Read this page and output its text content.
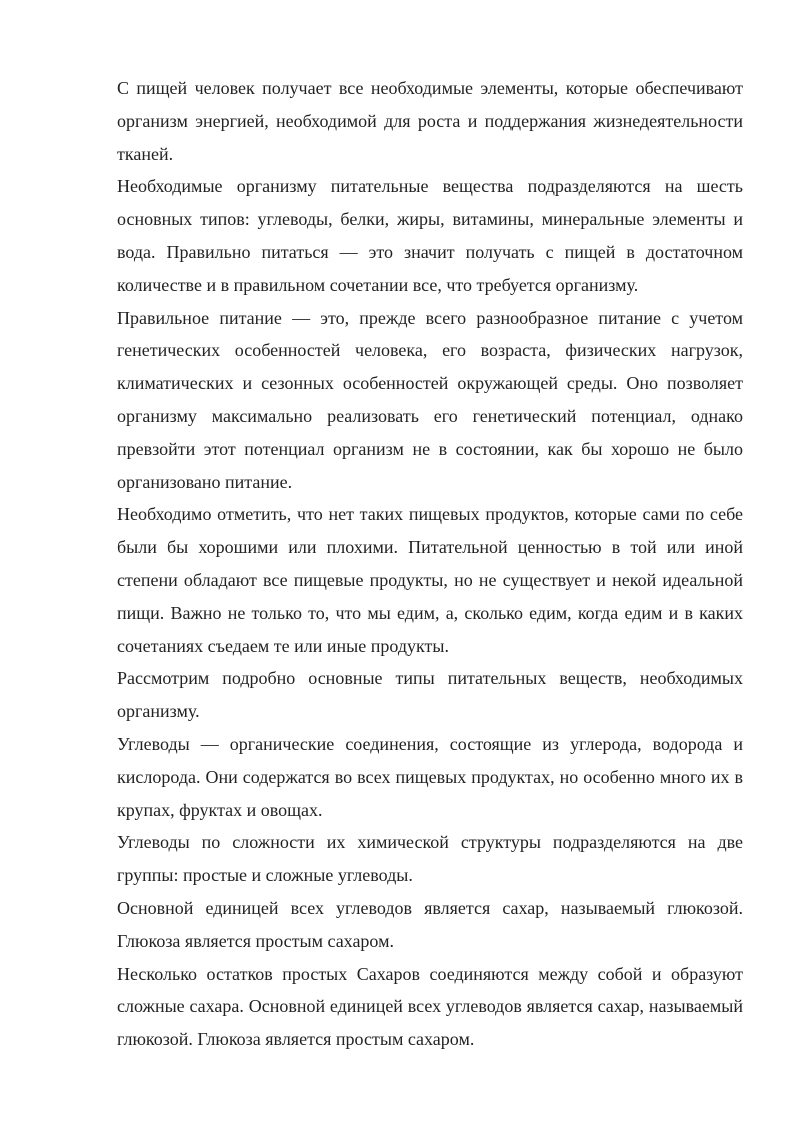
С пищей человек получает все необходимые элементы, которые обеспечивают организм энергией, необходимой для роста и поддержания жизнедеятельности тканей.

Необходимые организму питательные вещества подразделяются на шесть основных типов: углеводы, белки, жиры, витамины, минеральные элементы и вода. Правильно питаться — это значит получать с пищей в достаточном количестве и в правильном сочетании все, что требуется организму.

Правильное питание — это, прежде всего разнообразное питание с учетом генетических особенностей человека, его возраста, физических нагрузок, климатических и сезонных особенностей окружающей среды. Оно позволяет организму максимально реализовать его генетический потенциал, однако превзойти этот потенциал организм не в состоянии, как бы хорошо не было организовано питание.

Необходимо отметить, что нет таких пищевых продуктов, которые сами по себе были бы хорошими или плохими. Питательной ценностью в той или иной степени обладают все пищевые продукты, но не существует и некой идеальной пищи. Важно не только то, что мы едим, а, сколько едим, когда едим и в каких сочетаниях съедаем те или иные продукты.

Рассмотрим подробно основные типы питательных веществ, необходимых организму.

Углеводы — органические соединения, состоящие из углерода, водорода и кислорода. Они содержатся во всех пищевых продуктах, но особенно много их в крупах, фруктах и овощах.

Углеводы по сложности их химической структуры подразделяются на две группы: простые и сложные углеводы.

Основной единицей всех углеводов является сахар, называемый глюкозой. Глюкоза является простым сахаром.

Несколько остатков простых Сахаров соединяются между собой и образуют сложные сахара. Основной единицей всех углеводов является сахар, называемый глюкозой. Глюкоза является простым сахаром.
